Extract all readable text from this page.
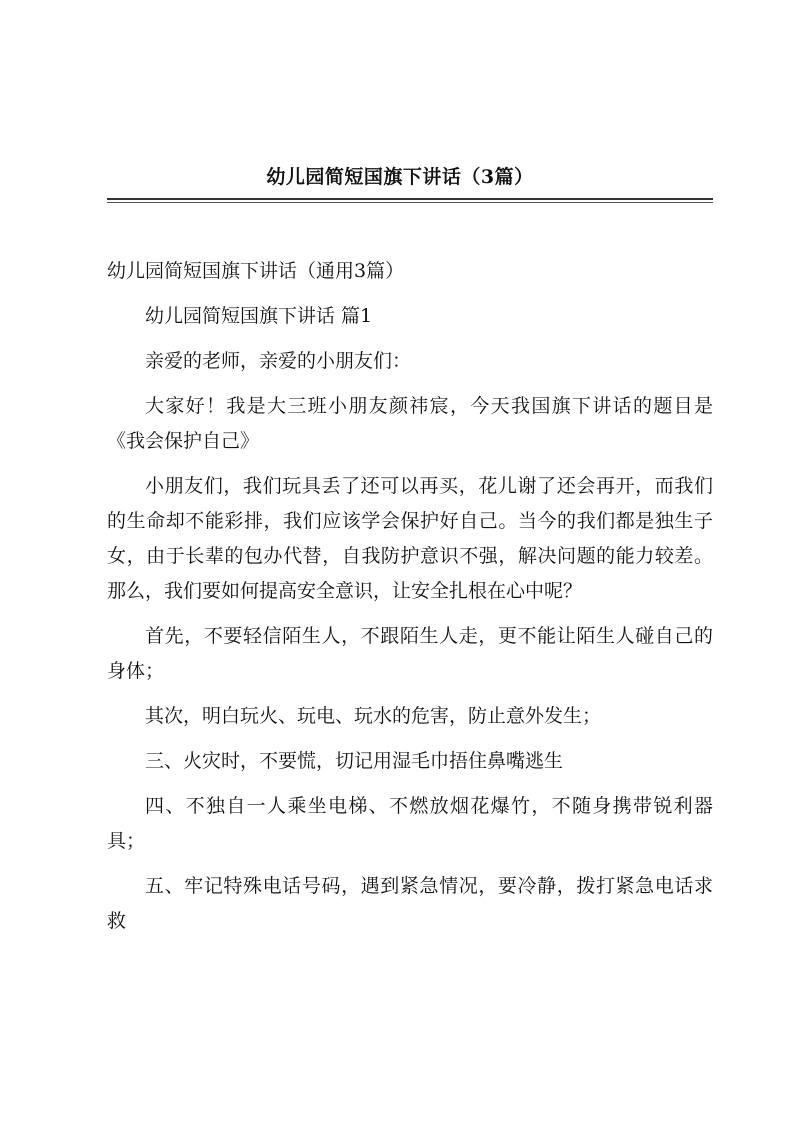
幼儿园简短国旗下讲话（3篇）

幼儿园简短国旗下讲话（通用3篇）

幼儿园简短国旗下讲话 篇1

亲爱的老师，亲爱的小朋友们：

大家好！我是大三班小朋友颜祎宸，今天我国旗下讲话的题目是《我会保护自己》

小朋友们，我们玩具丢了还可以再买，花儿谢了还会再开，而我们的生命却不能彩排，我们应该学会保护好自己。当今的我们都是独生子女，由于长辈的包办代替，自我防护意识不强，解决问题的能力较差。那么，我们要如何提高安全意识，让安全扎根在心中呢？

首先，不要轻信陌生人，不跟陌生人走，更不能让陌生人碰自己的身体；

其次，明白玩火、玩电、玩水的危害，防止意外发生；

三、火灾时，不要慌，切记用湿毛巾捂住鼻嘴逃生

四、不独自一人乘坐电梯、不燃放烟花爆竹，不随身携带锐利器具；

五、牢记特殊电话号码，遇到紧急情况，要冷静，拨打紧急电话求救
